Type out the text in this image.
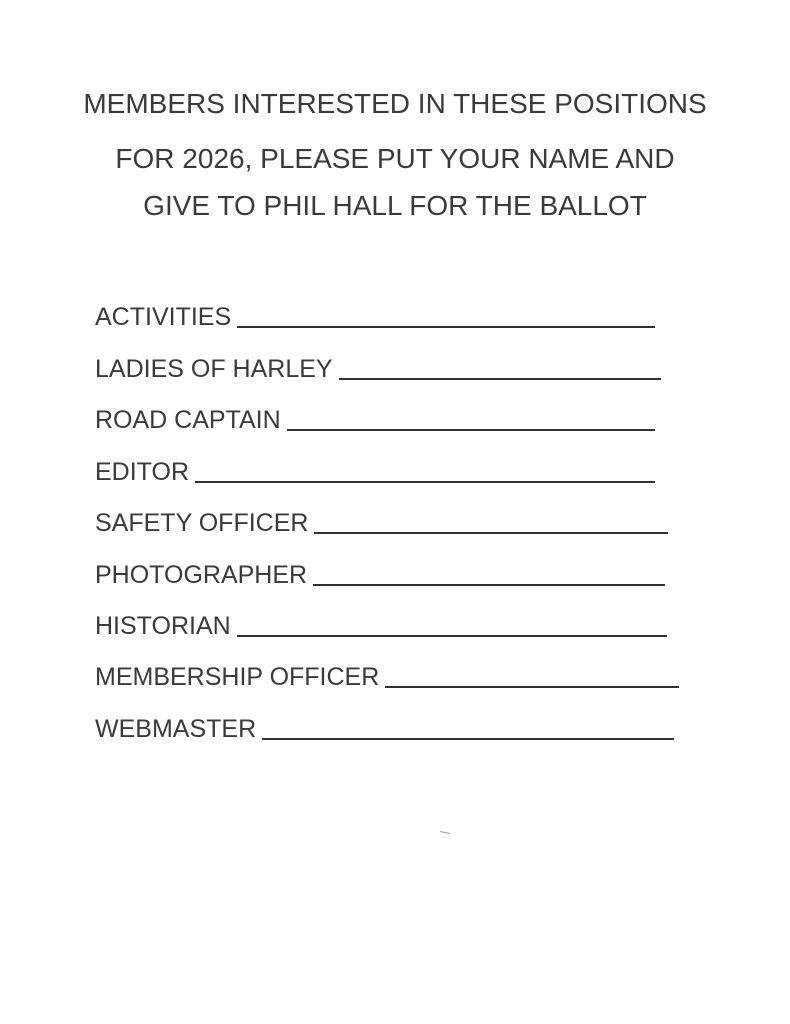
MEMBERS INTERESTED IN THESE POSITIONS
FOR 2026, PLEASE PUT YOUR NAME AND
GIVE TO PHIL HALL FOR THE BALLOT
ACTIVITIES
LADIES OF HARLEY
ROAD CAPTAIN
EDITOR
SAFETY OFFICER
PHOTOGRAPHER
HISTORIAN
MEMBERSHIP OFFICER
WEBMASTER
